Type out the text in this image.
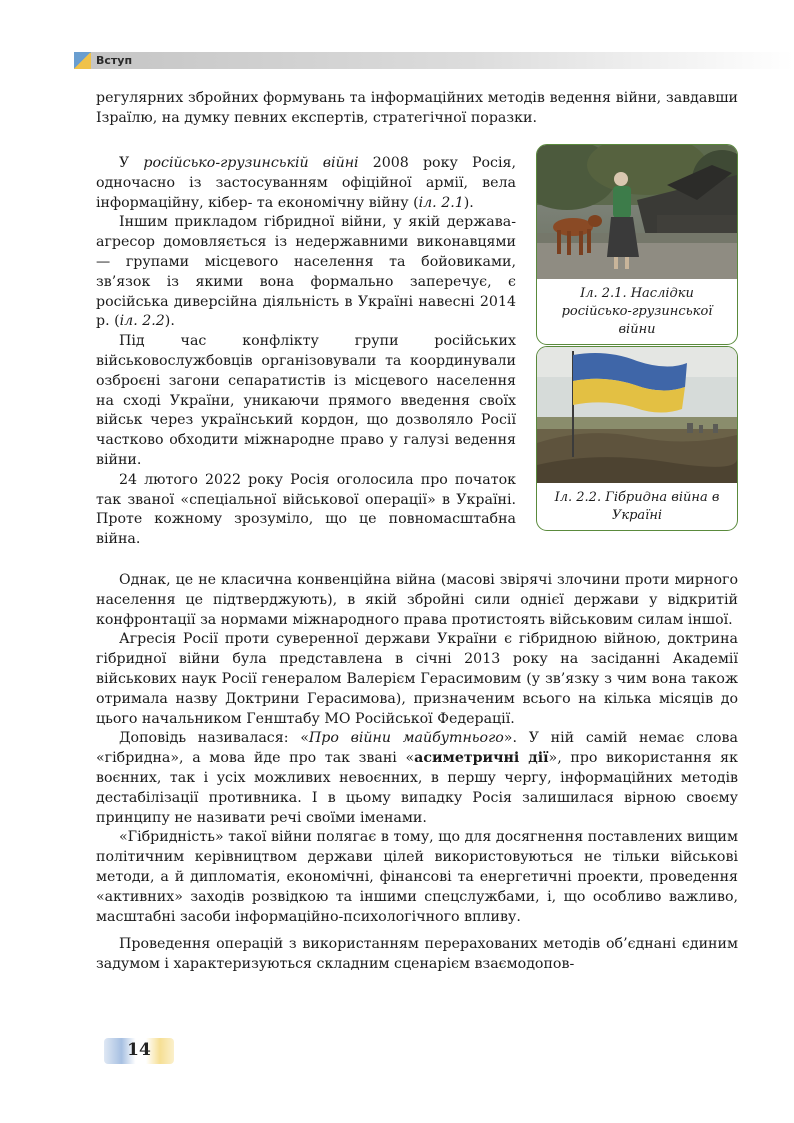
Вступ

регулярних збройних формувань та інформаційних методів ведення війни, завдавши Ізраїлю, на думку певних експертів, стратегічної поразки.

У російсько-грузинській війні 2008 року Росія, одночасно із застосуванням офіційної армії, вела інформаційну, кібер- та економічну війну (іл. 2.1).

Іншим прикладом гібридної війни, у якій держава-агресор домовляється із недержавними виконавцями — групами місцевого населення та бойовиками, зв’язок із якими вона формально заперечує, є російська диверсійна діяльність в Україні навесні 2014 р. (іл. 2.2).

Під час конфлікту групи російських військовослужбовців організовували та координували озброєні загони сепаратистів із місцевого населення на сході України, уникаючи прямого введення своїх військ через український кордон, що дозволяло Росії частково обходити міжнародне право у галузі ведення війни.

24 лютого 2022 року Росія оголосила про початок так званої «спеціальної військової операції» в Україні. Проте кожному зрозуміло, що це повномасштабна війна.

Однак, це не класична конвенційна війна (масові звірячі злочини проти мирного населення це підтверджують), в якій збройні сили однієї держави у відкритій конфронтації за нормами міжнародного права протистоять військовим силам іншої.

Агресія Росії проти суверенної держави України є гібридною війною, доктрина гібридної війни була представлена в січні 2013 року на засіданні Академії військових наук Росії генералом Валерієм Герасимовим (у зв’язку з чим вона також отримала назву Доктрини Герасимова), призначеним всього на кілька місяців до цього начальником Генштабу МО Російської Федерації.

Доповідь називалася: «Про війни майбутнього». У ній самій немає слова «гібридна», а мова йде про так звані «асиметричні дії», про використання як воєнних, так і усіх можливих невоєнних, в першу чергу, інформаційних методів дестабілізації противника. І в цьому випадку Росія залишилася вірною своєму принципу не називати речі своїми іменами.

«Гібридність» такої війни полягає в тому, що для досягнення поставлених вищим політичним керівництвом держави цілей використовуються не тільки військові методи, а й дипломатія, економічні, фінансові та енергетичні проекти, проведення «активних» заходів розвідкою та іншими спецслужбами, і, що особливо важливо, масштабні засоби інформаційно-психологічного впливу.

Проведення операцій з використанням перерахованих методів об’єднані єдиним задумом і характеризуються складним сценарієм взаємодопов-

Іл. 2.1. Наслідки російсько-грузинської війни
Іл. 2.2. Гібридна війна в Україні
14
